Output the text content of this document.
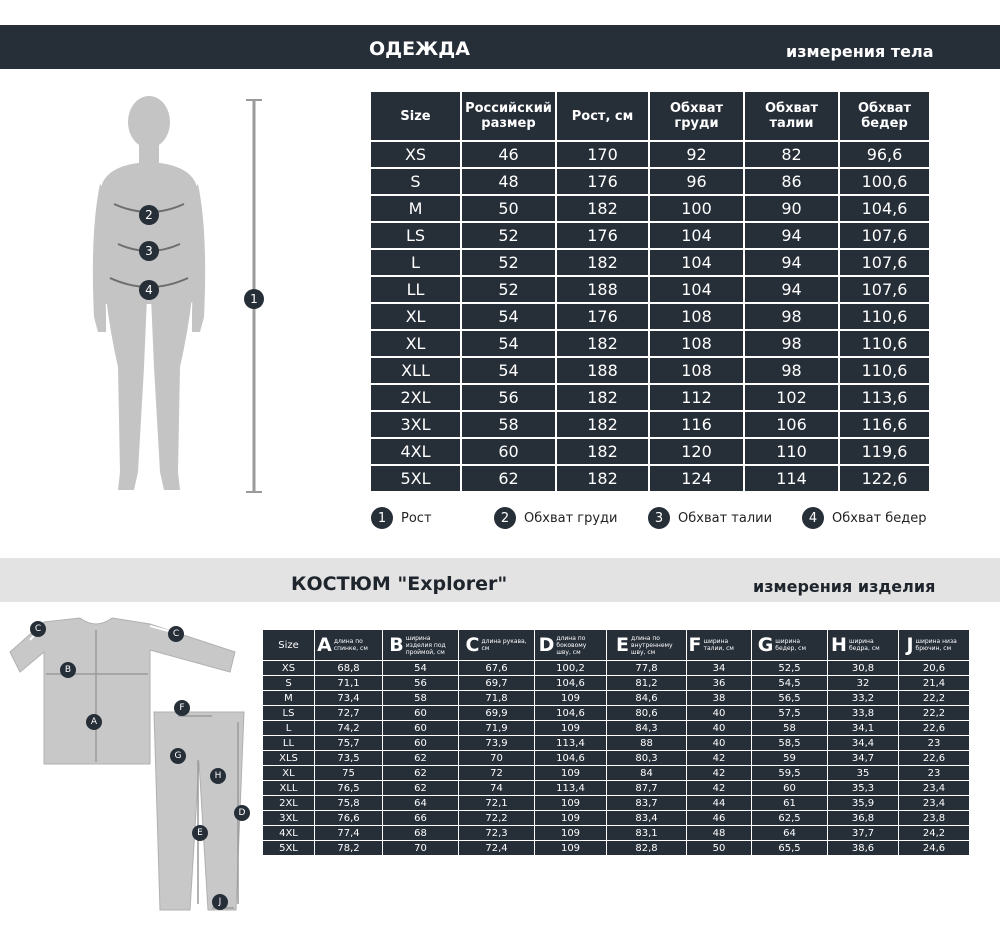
ОДЕЖДА	измерения тела
2
3
4
1
Size	Российский размер	Рост, см	Обхват груди	Обхват талии	Обхват бедер
XS	46	170	92	82	96,6
S	48	176	96	86	100,6
M	50	182	100	90	104,6
LS	52	176	104	94	107,6
L	52	182	104	94	107,6
LL	52	188	104	94	107,6
XL	54	176	108	98	110,6
XL	54	182	108	98	110,6
XLL	54	188	108	98	110,6
2XL	56	182	112	102	113,6
3XL	58	182	116	106	116,6
4XL	60	182	120	110	119,6
5XL	62	182	124	114	122,6
1	Рост	2	Обхват груди	3	Обхват талии	4	Обхват бедер
КОСТЮМ "Explorer"	измерения изделия
C	C
B
A
F
G
H
D
E
J
Size	A длина по спинке, см	B ширина изделия под проймой, см	C длина рукава, см	D длина по боковому шву, см	E длина по внутреннему шву, см	F ширина талии, см	G ширина бедер, см	H ширина бедра, см	J ширина низа брючин, см
XS	68,8	54	67,6	100,2	77,8	34	52,5	30,8	20,6
S	71,1	56	69,7	104,6	81,2	36	54,5	32	21,4
M	73,4	58	71,8	109	84,6	38	56,5	33,2	22,2
LS	72,7	60	69,9	104,6	80,6	40	57,5	33,8	22,2
L	74,2	60	71,9	109	84,3	40	58	34,1	22,6
LL	75,7	60	73,9	113,4	88	40	58,5	34,4	23
XLS	73,5	62	70	104,6	80,3	42	59	34,7	22,6
XL	75	62	72	109	84	42	59,5	35	23
XLL	76,5	62	74	113,4	87,7	42	60	35,3	23,4
2XL	75,8	64	72,1	109	83,7	44	61	35,9	23,4
3XL	76,6	66	72,2	109	83,4	46	62,5	36,8	23,8
4XL	77,4	68	72,3	109	83,1	48	64	37,7	24,2
5XL	78,2	70	72,4	109	82,8	50	65,5	38,6	24,6
